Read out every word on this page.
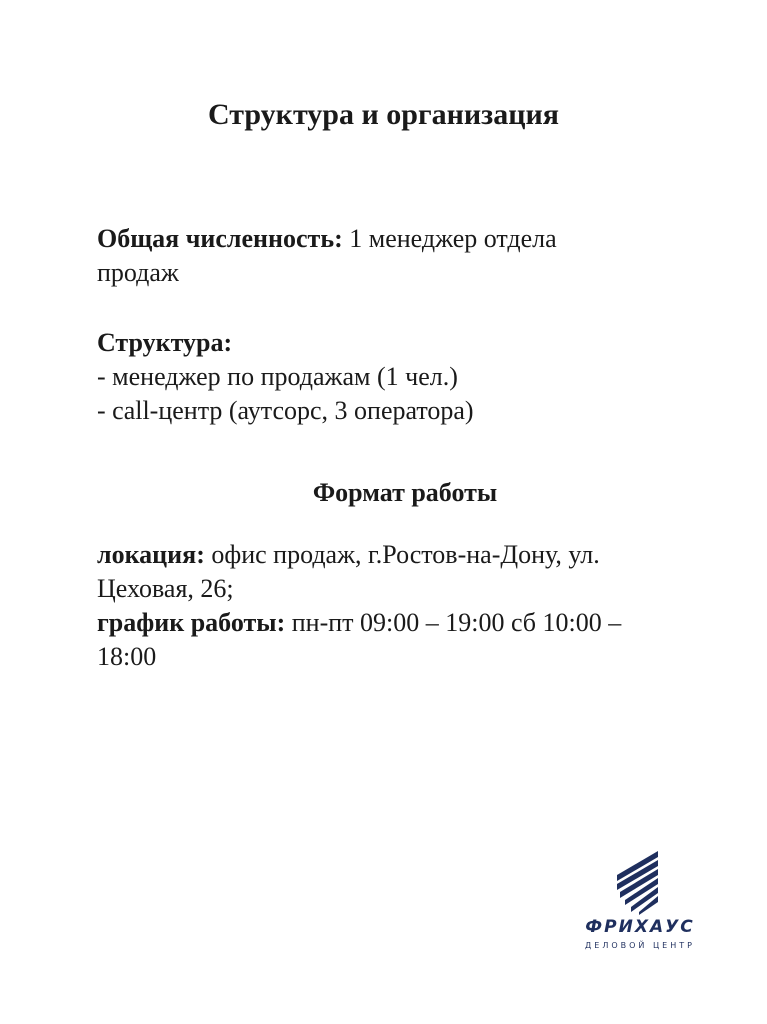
Структура и организация
Общая численность: 1 менеджер отдела
продаж
Структура:
- менеджер по продажам (1 чел.)
- call-центр (аутсорс, 3 оператора)
Формат работы
локация: офис продаж, г.Ростов-на-Дону, ул.
Цеховая, 26;
график работы: пн-пт 09:00 – 19:00 сб 10:00 –
18:00
ФРИХАУС
ДЕЛОВОЙ ЦЕНТР
